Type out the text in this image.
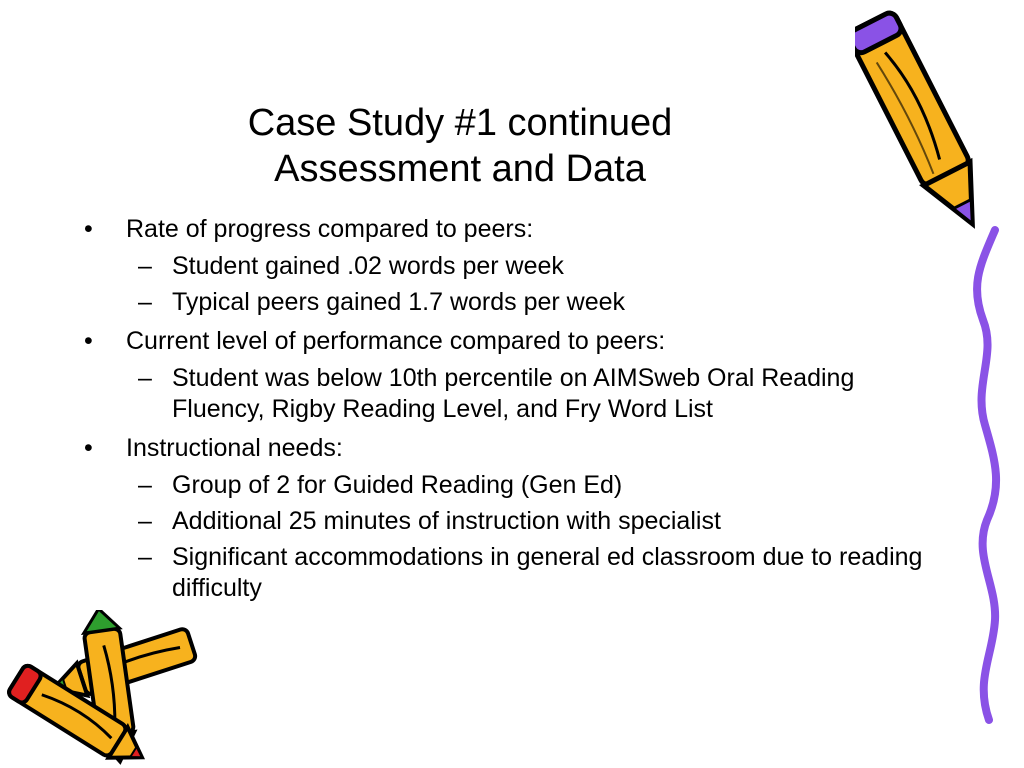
Case Study #1 continued
Assessment and Data
•	Rate of progress compared to peers:
– Student gained .02 words per week
– Typical peers gained 1.7 words per week
•	Current level of performance compared to peers:
– Student was below 10th percentile on AIMSweb Oral Reading Fluency, Rigby Reading Level, and Fry Word List
•	Instructional needs:
– Group of 2 for Guided Reading (Gen Ed)
– Additional 25 minutes of instruction with specialist
– Significant accommodations in general ed classroom due to reading difficulty
